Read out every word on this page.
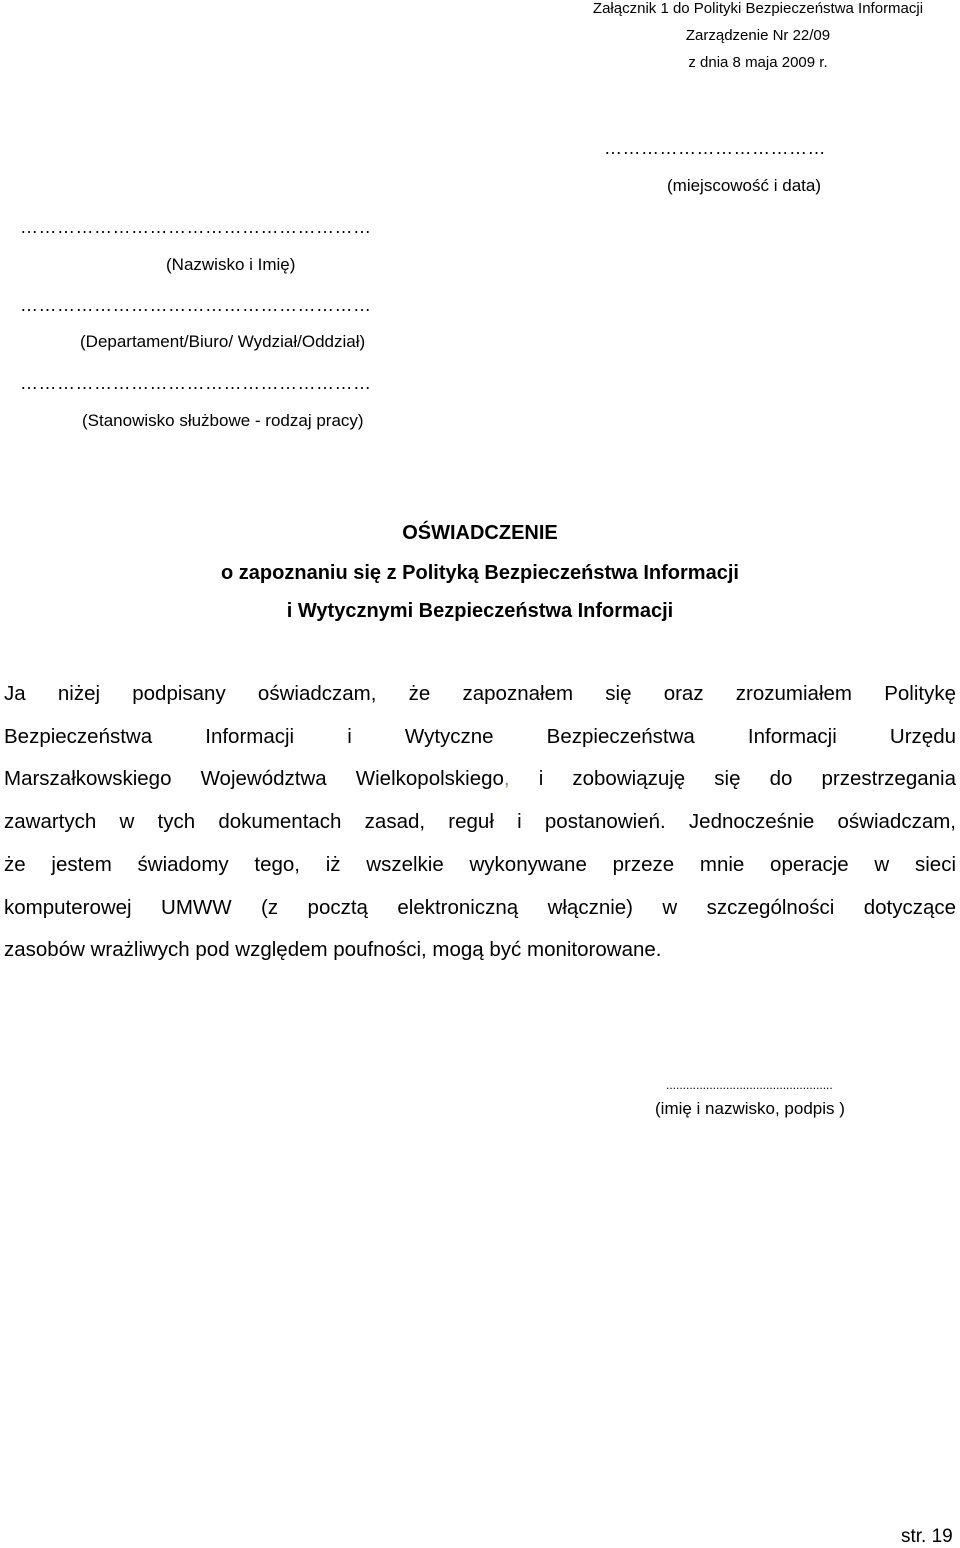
Załącznik 1 do Polityki Bezpieczeństwa Informacji
Zarządzenie Nr 22/09
z dnia 8 maja 2009 r.
………………………………
(miejscowość i data)
…………………………………………………
(Nazwisko i Imię)
…………………………………………………
(Departament/Biuro/ Wydział/Oddział)
…………………………………………………
(Stanowisko służbowe - rodzaj pracy)
OŚWIADCZENIE
o zapoznaniu się z Polityką Bezpieczeństwa Informacji
i Wytycznymi Bezpieczeństwa Informacji
Ja niżej podpisany oświadczam, że zapoznałem się oraz zrozumiałem Politykę
Bezpieczeństwa Informacji i Wytyczne Bezpieczeństwa Informacji Urzędu
Marszałkowskiego Województwa Wielkopolskiego, i zobowiązuję się do przestrzegania
zawartych w tych dokumentach zasad, reguł i postanowień. Jednocześnie oświadczam,
że jestem świadomy tego, iż wszelkie wykonywane przeze mnie operacje w sieci
komputerowej UMWW (z pocztą elektroniczną włącznie) w szczególności dotyczące
zasobów wrażliwych pod względem poufności, mogą być monitorowane.
..................................................
(imię i nazwisko, podpis )
str. 19
